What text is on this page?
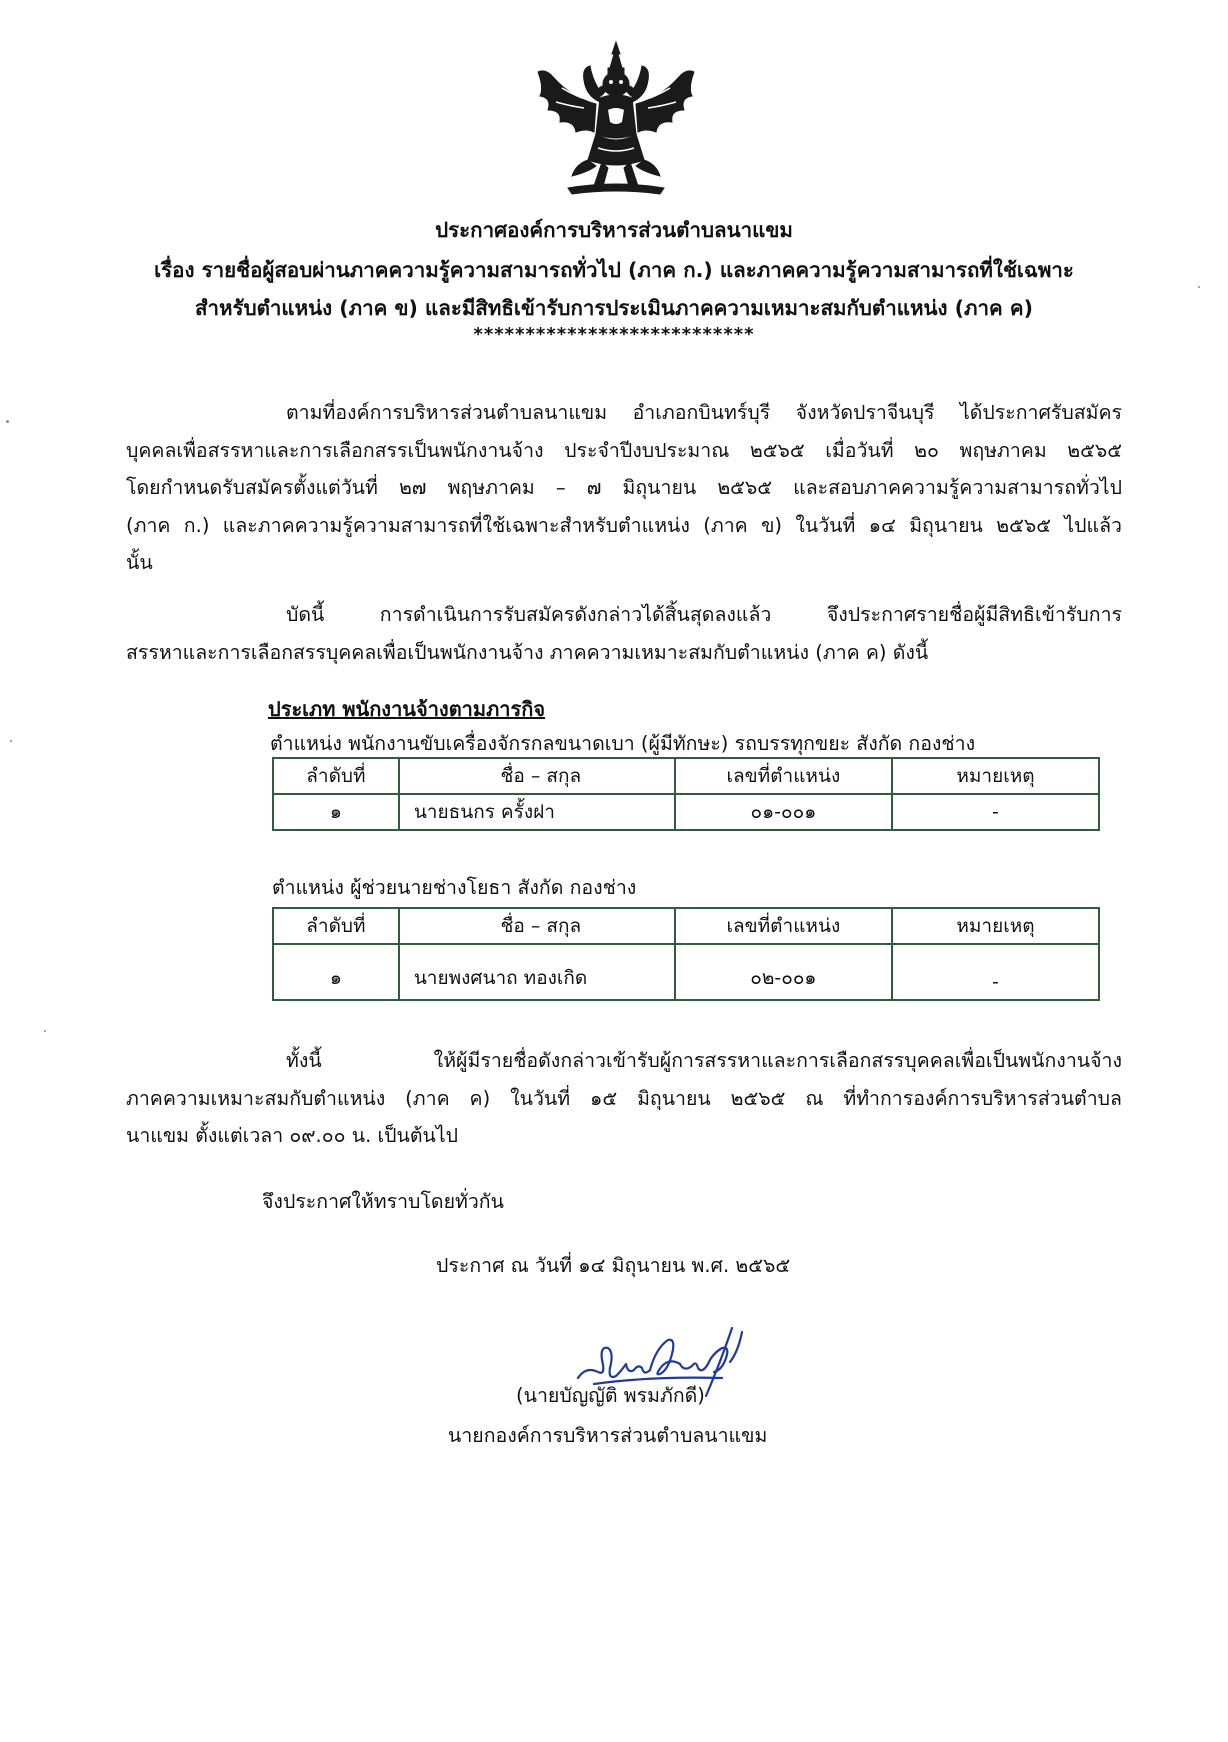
ประกาศองค์การบริหารส่วนตำบลนาแขม
เรื่อง รายชื่อผู้สอบผ่านภาคความรู้ความสามารถทั่วไป (ภาค ก.) และภาคความรู้ความสามารถที่ใช้เฉพาะ
สำหรับตำแหน่ง (ภาค ข) และมีสิทธิเข้ารับการประเมินภาคความเหมาะสมกับตำแหน่ง (ภาค ค)
***************************
ตามที่องค์การบริหารส่วนตำบลนาแขม อำเภอกบินทร์บุรี จังหวัดปราจีนบุรี ได้ประกาศรับสมัคร
บุคคลเพื่อสรรหาและการเลือกสรรเป็นพนักงานจ้าง ประจำปีงบประมาณ ๒๕๖๕ เมื่อวันที่ ๒๐ พฤษภาคม ๒๕๖๕
โดยกำหนดรับสมัครตั้งแต่วันที่ ๒๗ พฤษภาคม – ๗ มิถุนายน ๒๕๖๕ และสอบภาคความรู้ความสามารถทั่วไป
(ภาค ก.) และภาคความรู้ความสามารถที่ใช้เฉพาะสำหรับตำแหน่ง (ภาค ข) ในวันที่ ๑๔ มิถุนายน ๒๕๖๕ ไปแล้ว
นั้น
บัดนี้ การดำเนินการรับสมัครดังกล่าวได้สิ้นสุดลงแล้ว จึงประกาศรายชื่อผู้มีสิทธิเข้ารับการ
สรรหาและการเลือกสรรบุคคลเพื่อเป็นพนักงานจ้าง ภาคความเหมาะสมกับตำแหน่ง (ภาค ค) ดังนี้
ประเภท พนักงานจ้างตามภารกิจ
ตำแหน่ง พนักงานขับเครื่องจักรกลขนาดเบา (ผู้มีทักษะ) รถบรรทุกขยะ สังกัด กองช่าง
ลำดับที่	ชื่อ – สกุล	เลขที่ตำแหน่ง	หมายเหตุ
๑	นายธนกร ครั้งฝา	๐๑-๐๐๑	-
ตำแหน่ง ผู้ช่วยนายช่างโยธา สังกัด กองช่าง
ลำดับที่	ชื่อ – สกุล	เลขที่ตำแหน่ง	หมายเหตุ
๑	นายพงศนาถ ทองเกิด	๐๒-๐๐๑	-
ทั้งนี้ ให้ผู้มีรายชื่อดังกล่าวเข้ารับผู้การสรรหาและการเลือกสรรบุคคลเพื่อเป็นพนักงานจ้าง
ภาคความเหมาะสมกับตำแหน่ง (ภาค ค) ในวันที่ ๑๕ มิถุนายน ๒๕๖๕ ณ ที่ทำการองค์การบริหารส่วนตำบล
นาแขม ตั้งแต่เวลา ๐๙.๐๐ น. เป็นต้นไป
จึงประกาศให้ทราบโดยทั่วกัน
ประกาศ ณ วันที่ ๑๔ มิถุนายน พ.ศ. ๒๕๖๕
(นายบัญญัติ พรมภักดี)
นายกองค์การบริหารส่วนตำบลนาแขม
